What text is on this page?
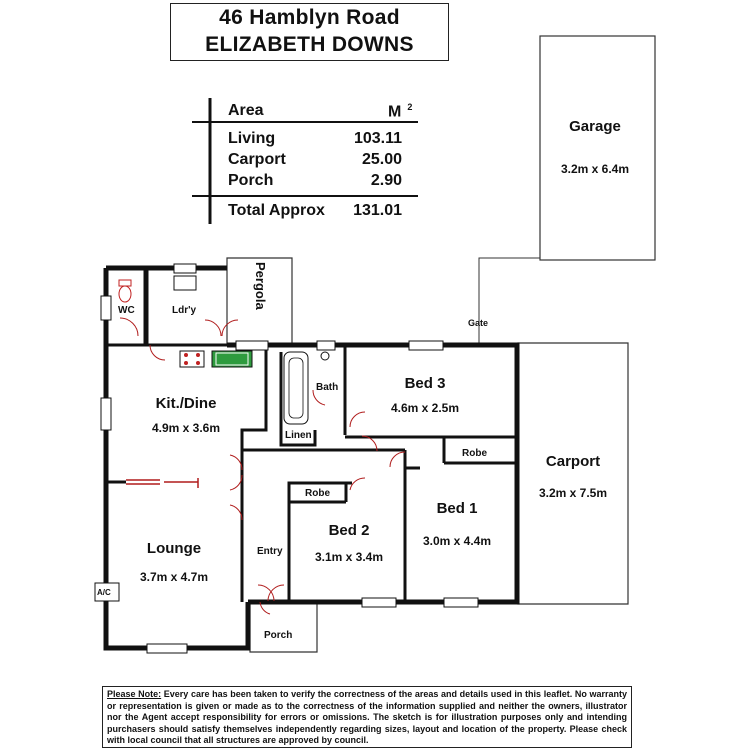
46 Hamblyn Road
ELIZABETH DOWNS
Area	M $^2$
Living	103.11
Carport	25.00
Porch	2.90
Total Approx	131.01
Garage
3.2m x 6.4m
Carport
3.2m x 7.5m
Bed 3
4.6m x 2.5m
Bed 1
3.0m x 4.4m
Bed 2
3.1m x 3.4m
Kit./Dine
4.9m x 3.6m
Lounge
3.7m x 4.7m
Pergola
WC	Ldr'y
Bath
Linen
Robe
Robe
Entry
Porch
Gate
A/C
Please Note: Every care has been taken to verify the correctness of the areas and details used in this leaflet. No warranty or representation is given or made as to the correctness of the information supplied and neither the owners, illustrator nor the Agent accept responsibility for errors or omissions. The sketch is for illustration purposes only and intending purchasers should satisfy themselves independently regarding sizes, layout and location of the property. Please check with local council that all structures are approved by council.
